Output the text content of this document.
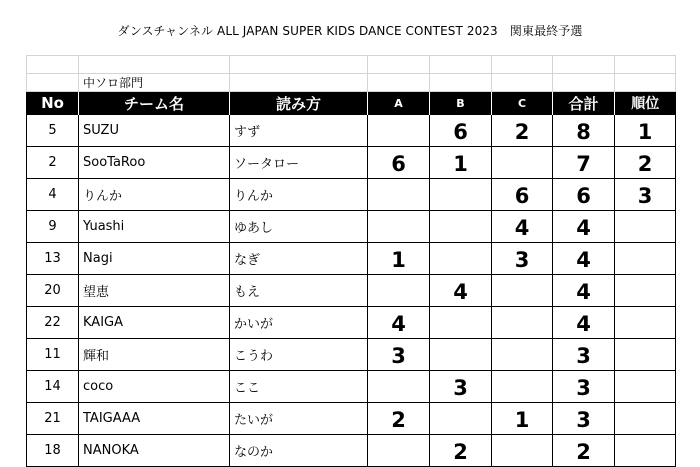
ダンスチャンネル ALL JAPAN SUPER KIDS DANCE CONTEST 2023　関東最終予選

	中ソロ部門						
No	チーム名	読み方	A	B	C	合計	順位
5	SUZU	すず		6	2	8	1
2	SooTaRoo	ソータロー	6	1		7	2
4	りんか	りんか			6	6	3
9	Yuashi	ゆあし			4	4	
13	Nagi	なぎ	1		3	4	
20	望恵	もえ		4		4	
22	KAIGA	かいが	4			4	
11	輝和	こうわ	3			3	
14	coco	ここ		3		3	
21	TAIGAAA	たいが	2		1	3	
18	NANOKA	なのか		2		2	
